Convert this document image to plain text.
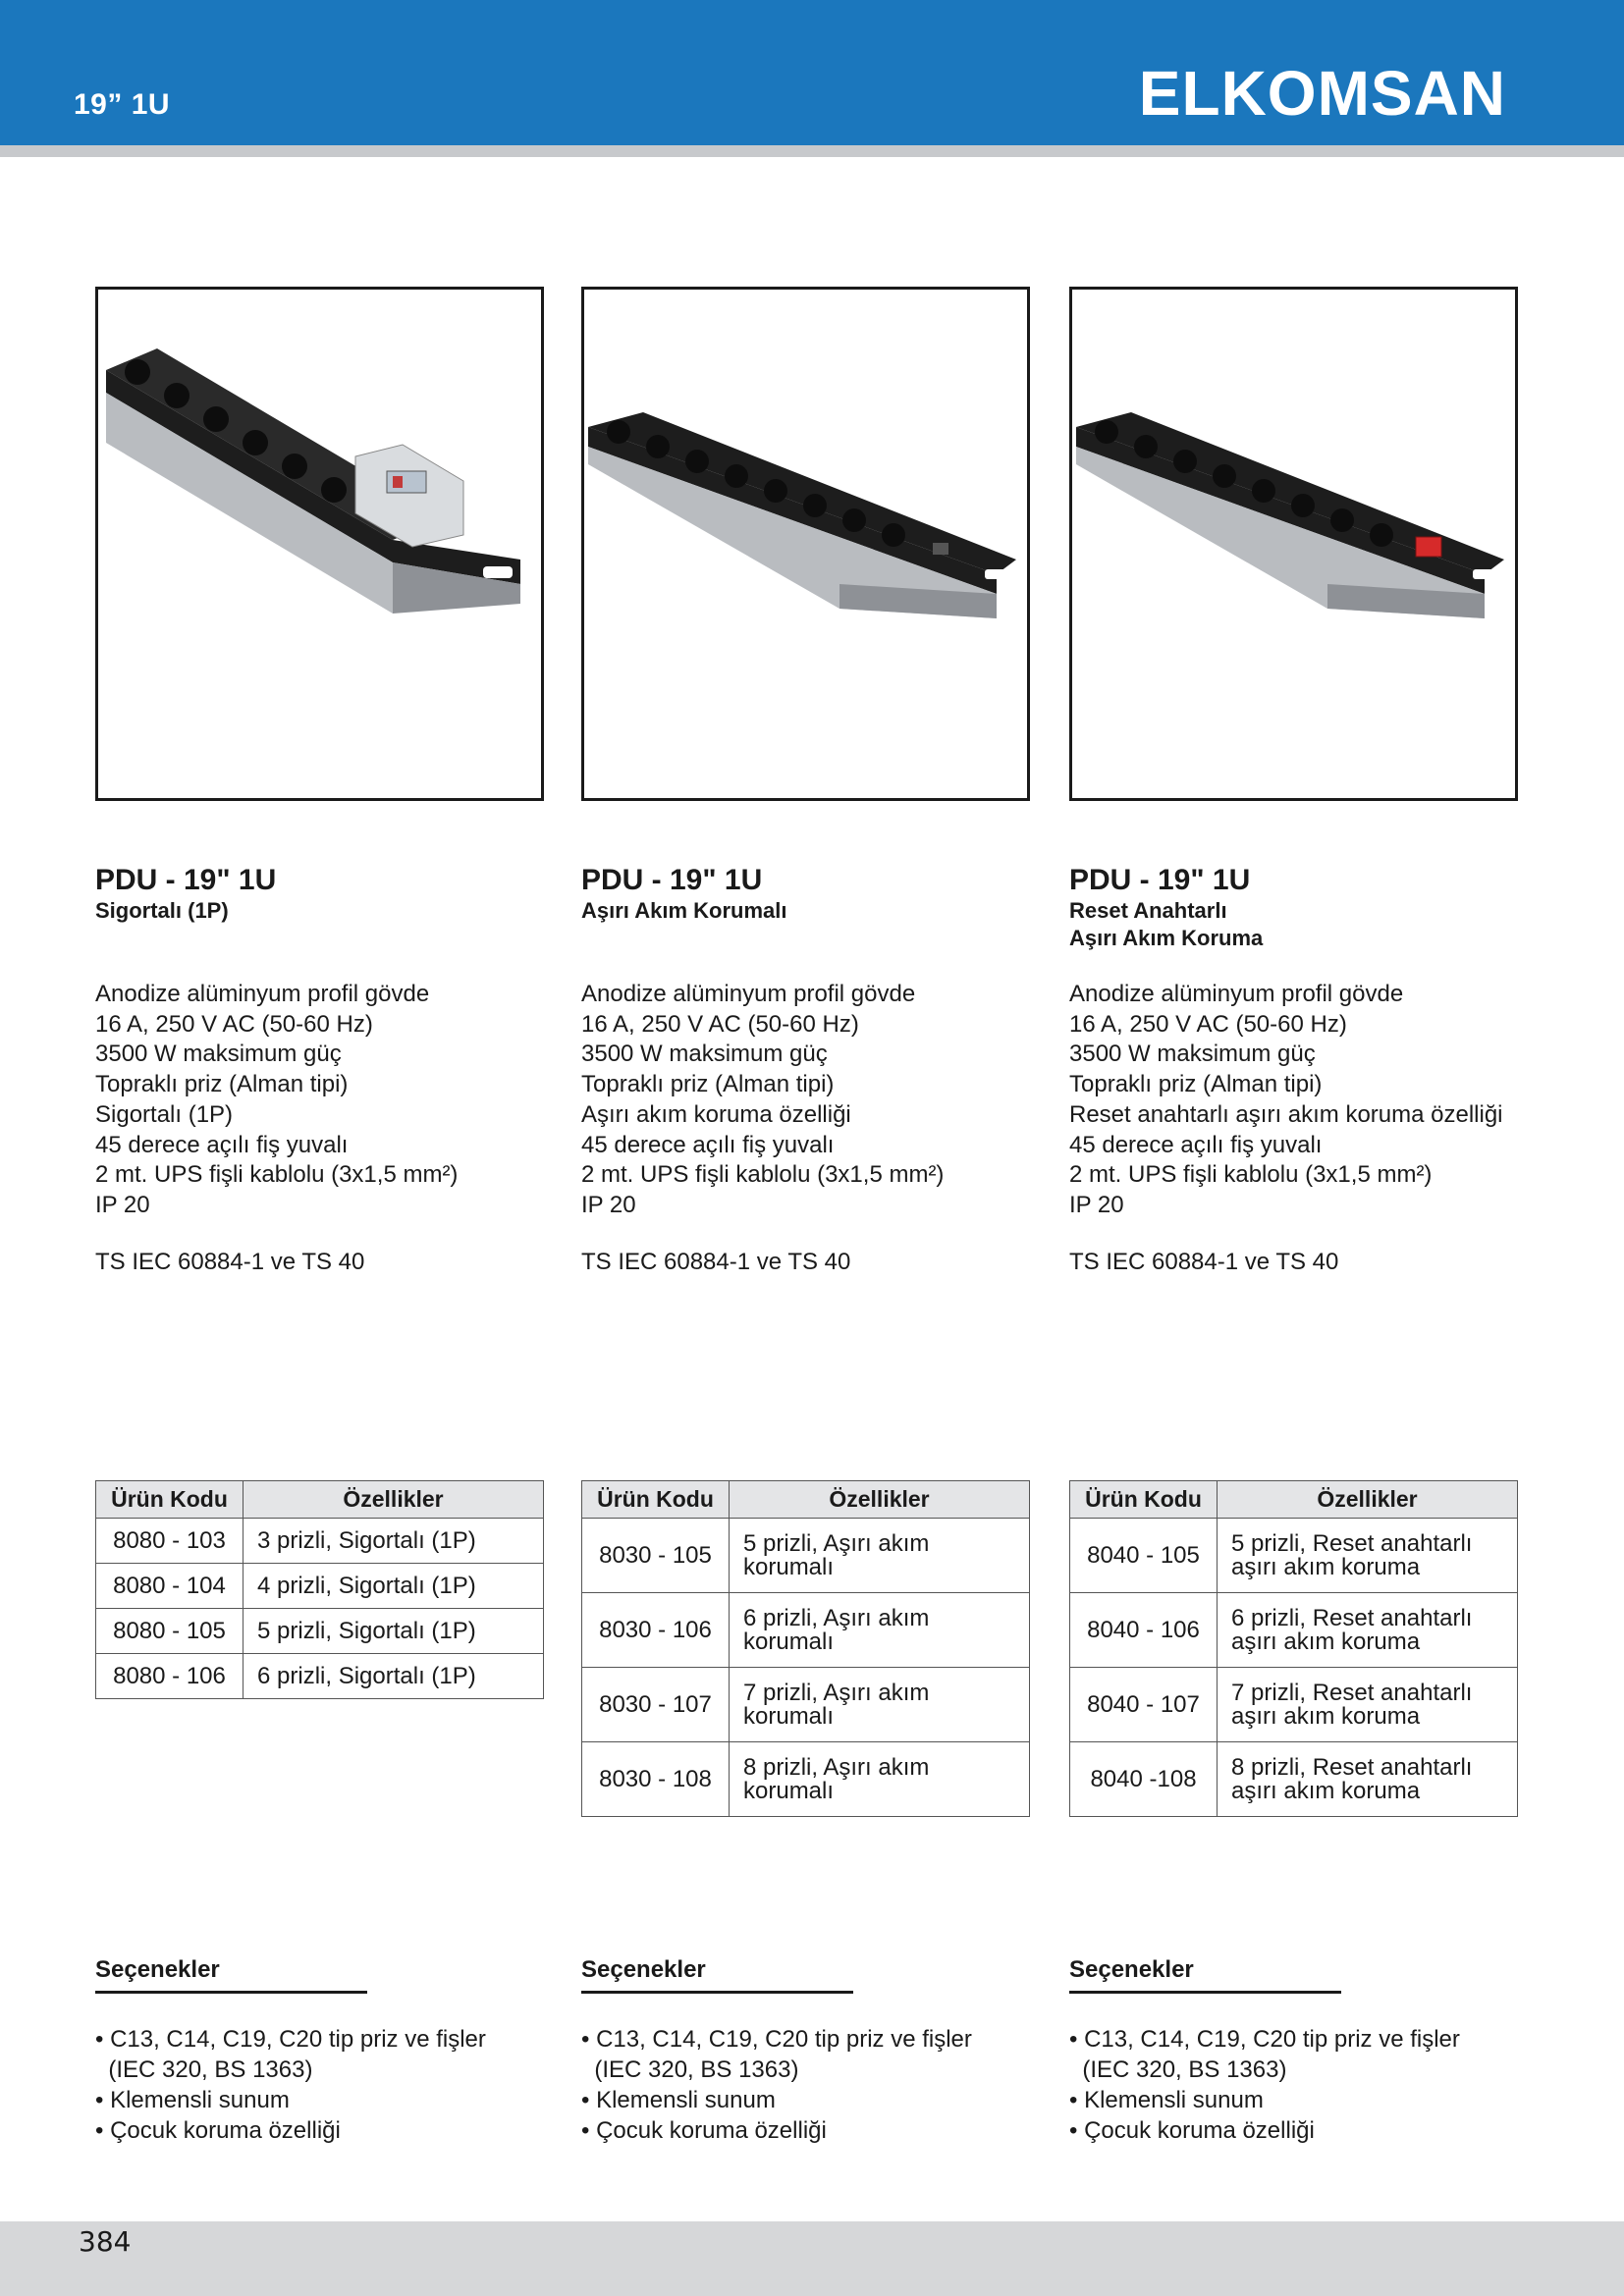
19” 1U	ELKOMSAN
PDU - 19" 1U
Sigortalı (1P)
Anodize alüminyum profil gövde
16 A, 250 V AC (50-60 Hz)
3500 W maksimum güç
Topraklı priz (Alman tipi)
Sigortalı (1P)
45 derece açılı fiş yuvalı
2 mt. UPS fişli kablolu (3x1,5 mm²)
IP 20
TS IEC 60884-1 ve TS 40
Ürün Kodu	Özellikler
8080 - 103	3 prizli, Sigortalı (1P)
8080 - 104	4 prizli, Sigortalı (1P)
8080 - 105	5 prizli, Sigortalı (1P)
8080 - 106	6 prizli, Sigortalı (1P)
Seçenekler
• C13, C14, C19, C20 tip priz ve fişler
(IEC 320, BS 1363)
• Klemensli sunum
• Çocuk koruma özelliği
PDU - 19" 1U
Aşırı Akım Korumalı
Anodize alüminyum profil gövde
16 A, 250 V AC (50-60 Hz)
3500 W maksimum güç
Topraklı priz (Alman tipi)
Aşırı akım koruma özelliği
45 derece açılı fiş yuvalı
2 mt. UPS fişli kablolu (3x1,5 mm²)
IP 20
TS IEC 60884-1 ve TS 40
Ürün Kodu	Özellikler
8030 - 105	5 prizli, Aşırı akım korumalı
8030 - 106	6 prizli, Aşırı akım korumalı
8030 - 107	7 prizli, Aşırı akım korumalı
8030 - 108	8 prizli, Aşırı akım korumalı
Seçenekler
• C13, C14, C19, C20 tip priz ve fişler
(IEC 320, BS 1363)
• Klemensli sunum
• Çocuk koruma özelliği
PDU - 19" 1U
Reset Anahtarlı
Aşırı Akım Koruma
Anodize alüminyum profil gövde
16 A, 250 V AC (50-60 Hz)
3500 W maksimum güç
Topraklı priz (Alman tipi)
Reset anahtarlı aşırı akım koruma özelliği
45 derece açılı fiş yuvalı
2 mt. UPS fişli kablolu (3x1,5 mm²)
IP 20
TS IEC 60884-1 ve TS 40
Ürün Kodu	Özellikler
8040 - 105	5 prizli, Reset anahtarlı aşırı akım koruma
8040 - 106	6 prizli, Reset anahtarlı aşırı akım koruma
8040 - 107	7 prizli, Reset anahtarlı aşırı akım koruma
8040 -108	8 prizli, Reset anahtarlı aşırı akım koruma
Seçenekler
• C13, C14, C19, C20 tip priz ve fişler
(IEC 320, BS 1363)
• Klemensli sunum
• Çocuk koruma özelliği
384
